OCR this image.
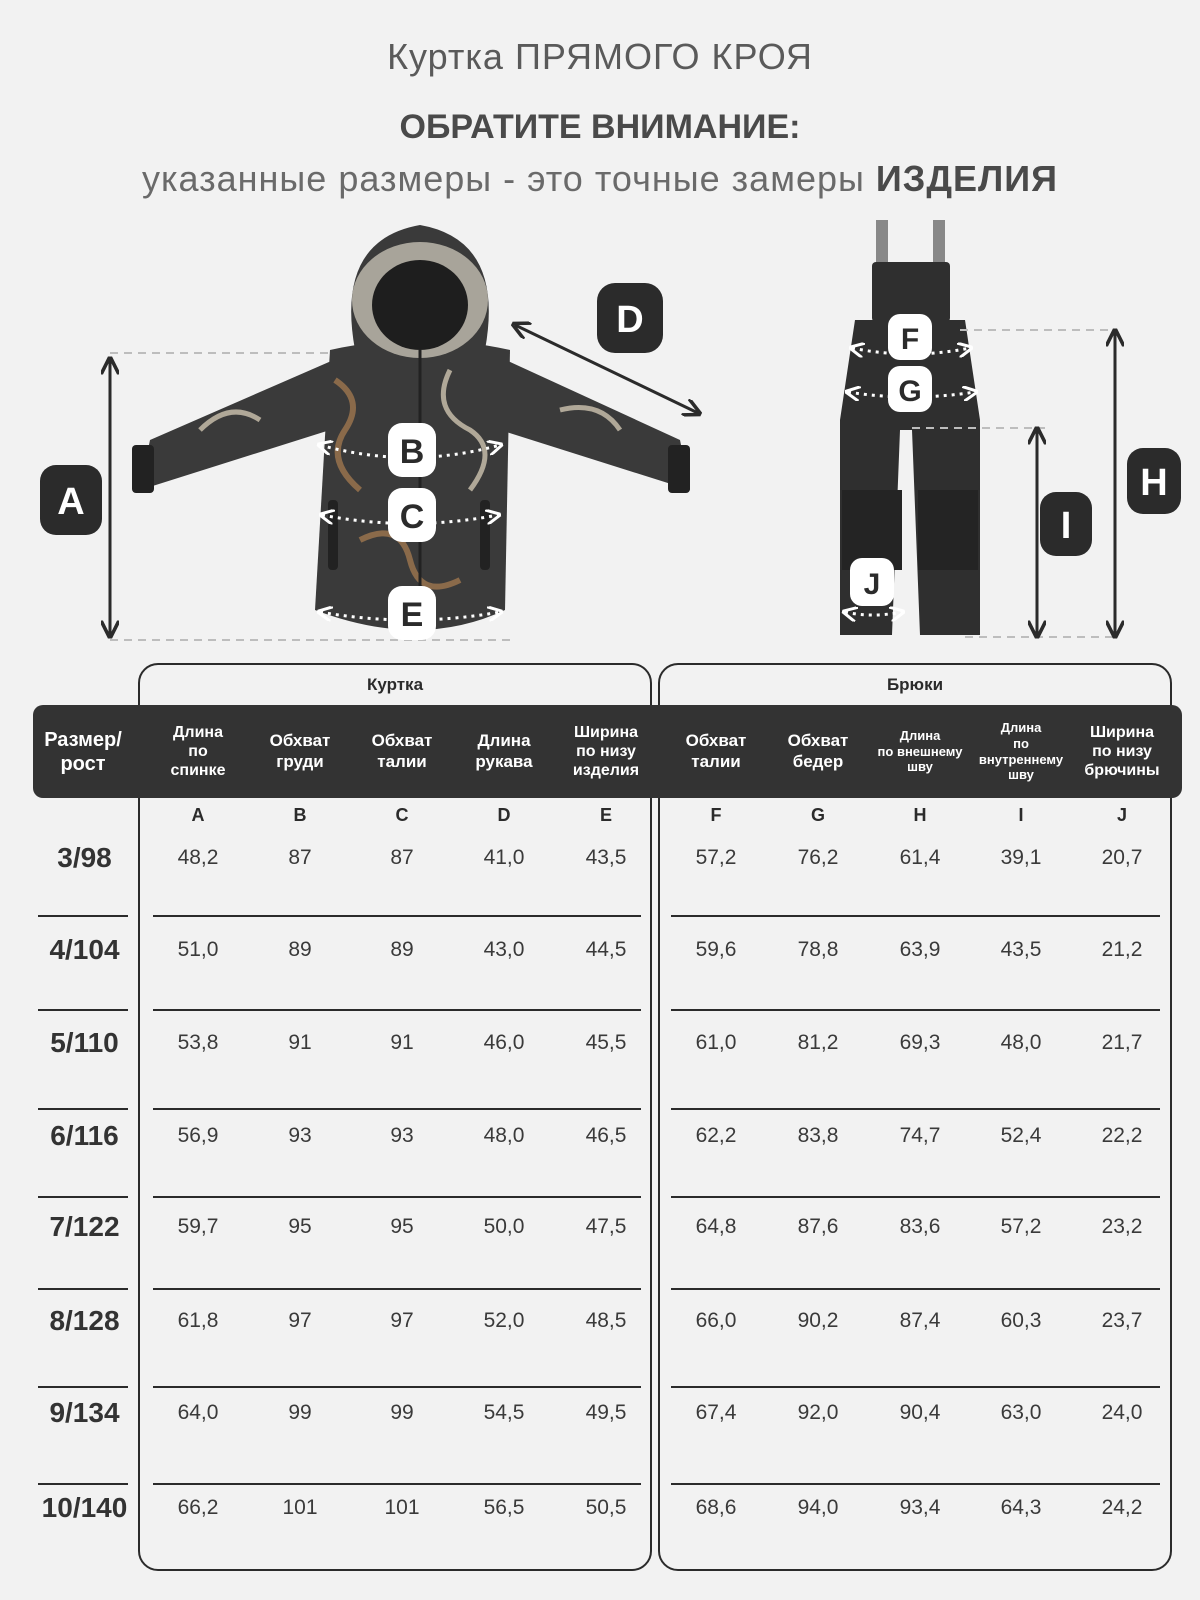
Куртка ПРЯМОГО КРОЯ
ОБРАТИТЕ ВНИМАНИЕ:
указанные размеры - это точные замеры ИЗДЕЛИЯ
A
D
B
C
E
F
G
J
H
I
Куртка	Брюки
Размер/
рост
Длина
по
спинке
Обхват
груди
Обхват
талии
Длина
рукава
Ширина
по низу
изделия
Обхват
талии
Обхват
бедер
Длина
по внешнему
шву
Длина
по
внутреннему
шву
Ширина
по низу
брючины
A	B	C	D	E	F	G	H	I	J
3/98	48,2	87	87	41,0	43,5	57,2	76,2	61,4	39,1	20,7
4/104	51,0	89	89	43,0	44,5	59,6	78,8	63,9	43,5	21,2
5/110	53,8	91	91	46,0	45,5	61,0	81,2	69,3	48,0	21,7
6/116	56,9	93	93	48,0	46,5	62,2	83,8	74,7	52,4	22,2
7/122	59,7	95	95	50,0	47,5	64,8	87,6	83,6	57,2	23,2
8/128	61,8	97	97	52,0	48,5	66,0	90,2	87,4	60,3	23,7
9/134	64,0	99	99	54,5	49,5	67,4	92,0	90,4	63,0	24,0
10/140	66,2	101	101	56,5	50,5	68,6	94,0	93,4	64,3	24,2
